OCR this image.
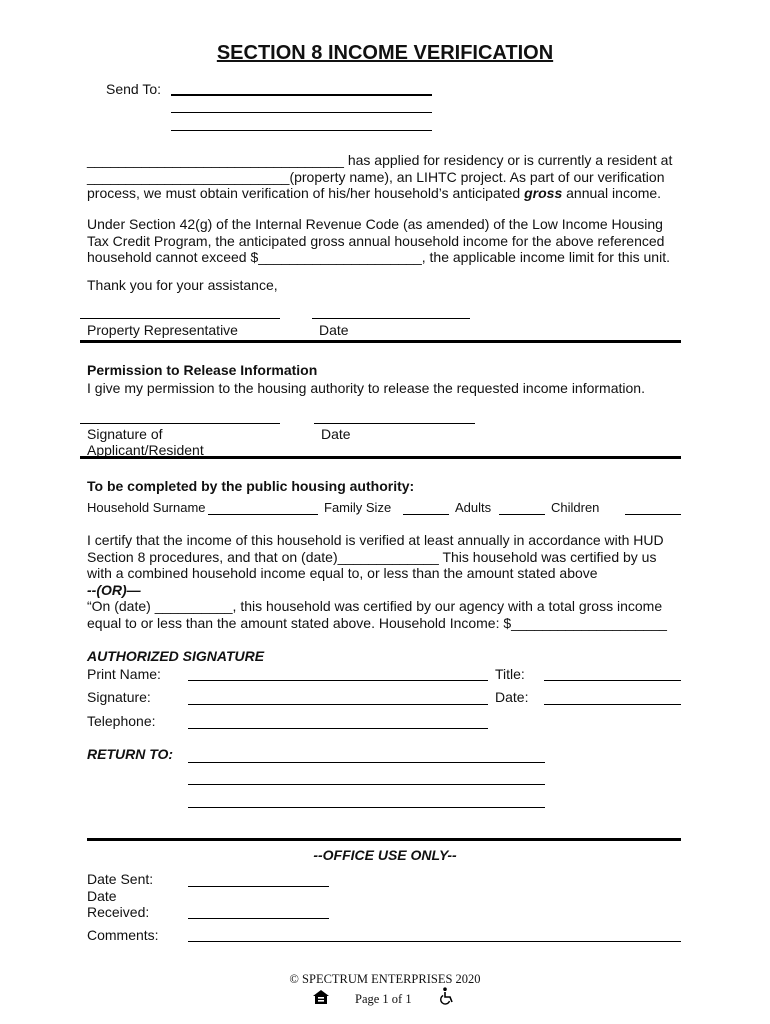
SECTION 8 INCOME VERIFICATION
Send To:
_________________________________ has applied for residency or is currently a resident at
__________________________(property name), an LIHTC project. As part of our verification
process, we must obtain verification of his/her household’s anticipated gross annual income.
Under Section 42(g) of the Internal Revenue Code (as amended) of the Low Income Housing
Tax Credit Program, the anticipated gross annual household income for the above referenced
household cannot exceed $_____________________, the applicable income limit for this unit.
Thank you for your assistance,
Property Representative	Date
Permission to Release Information
I give my permission to the housing authority to release the requested income information.
Signature of
Applicant/Resident
Date
To be completed by the public housing authority:
Household Surname	Family Size	Adults	Children
I certify that the income of this household is verified at least annually in accordance with HUD
Section 8 procedures, and that on (date)_____________ This household was certified by us
with a combined household income equal to, or less than the amount stated above
--(OR)—
“On (date) __________, this household was certified by our agency with a total gross income
equal to or less than the amount stated above. Household Income: $____________________
AUTHORIZED SIGNATURE
Print Name:	Title:
Signature:	Date:
Telephone:
RETURN TO:
--OFFICE USE ONLY--
Date Sent:
Date
Received:
Comments:
© SPECTRUM ENTERPRISES 2020
Page 1 of 1
